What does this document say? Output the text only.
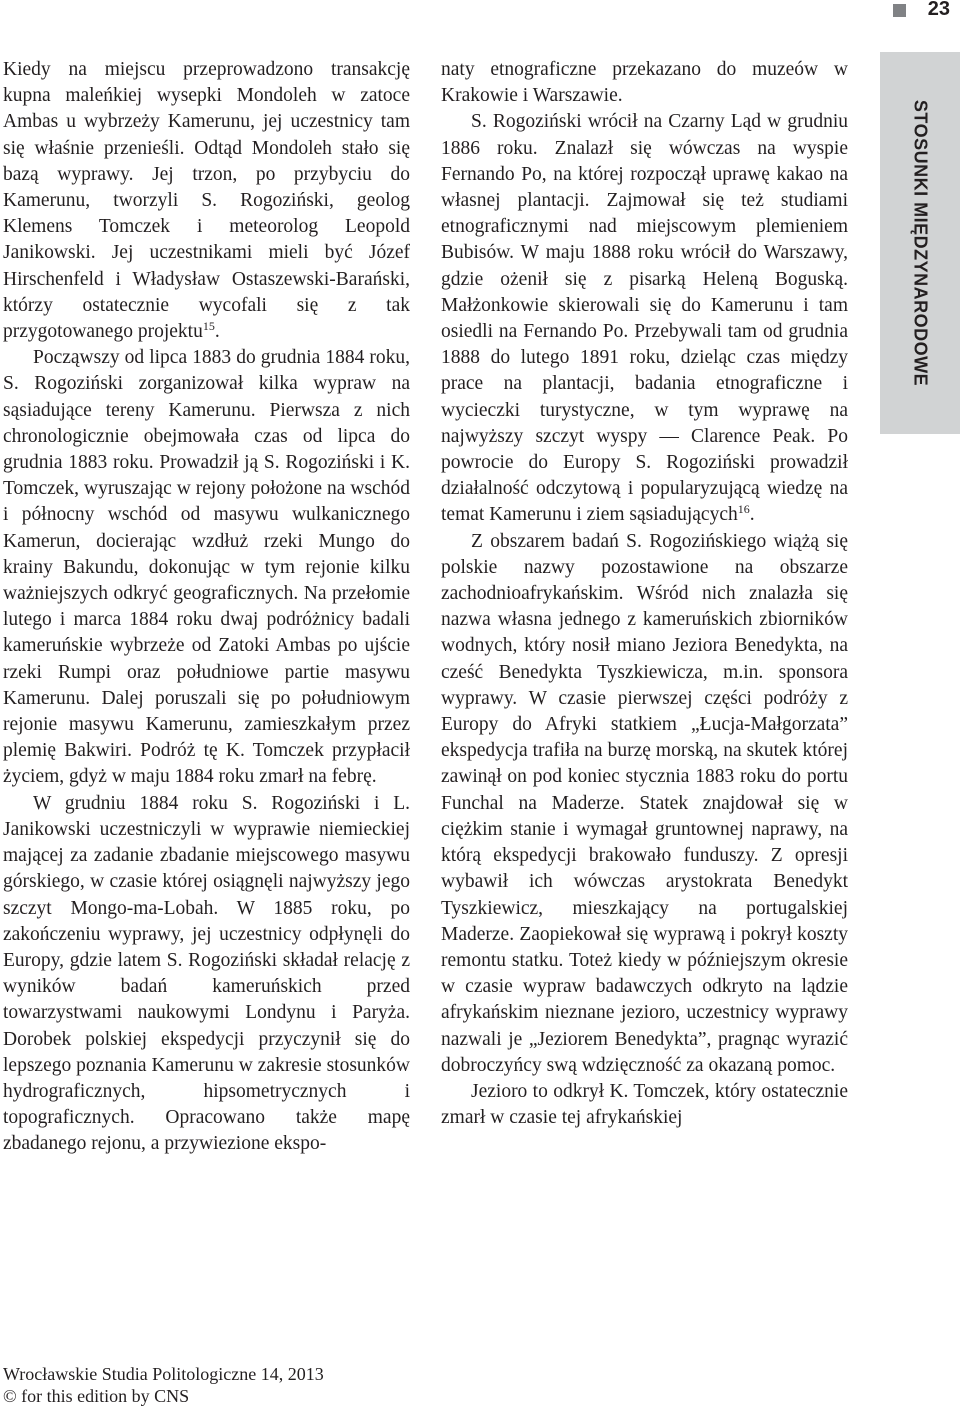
23

Kiedy na miejscu przeprowadzono transakcję kupna maleńkiej wysepki Mondoleh w zatoce Ambas u wybrzeży Kamerunu, jej uczestnicy tam się właśnie przenieśli. Odtąd Mondoleh stało się bazą wyprawy. Jej trzon, po przybyciu do Kamerunu, tworzyli S. Rogoziński, geolog Klemens Tomczek i meteorolog Leopold Janikowski. Jej uczestnikami mieli być Józef Hirschenfeld i Władysław Ostaszewski-Barański, którzy ostatecznie wycofali się z tak przygotowanego projektu$^{15}$.

Począwszy od lipca 1883 do grudnia 1884 roku, S. Rogoziński zorganizował kilka wypraw na sąsiadujące tereny Kamerunu. Pierwsza z nich chronologicznie obejmowała czas od lipca do grudnia 1883 roku. Prowadził ją S. Rogoziński i K. Tomczek, wyruszając w rejony położone na wschód i północny wschód od masywu wulkanicznego Kamerun, docierając wzdłuż rzeki Mungo do krainy Bakundu, dokonując w tym rejonie kilku ważniejszych odkryć geograficznych. Na przełomie lutego i marca 1884 roku dwaj podróżnicy badali kameruńskie wybrzeże od Zatoki Ambas po ujście rzeki Rumpi oraz południowe partie masywu Kamerunu. Dalej poruszali się po południowym rejonie masywu Kamerunu, zamieszkałym przez plemię Bakwiri. Podróż tę K. Tomczek przypłacił życiem, gdyż w maju 1884 roku zmarł na febrę.

W grudniu 1884 roku S. Rogoziński i L. Janikowski uczestniczyli w wyprawie niemieckiej mającej za zadanie zbadanie miejscowego masywu górskiego, w czasie której osiągnęli najwyższy jego szczyt Mongo-ma-Lobah. W 1885 roku, po zakończeniu wyprawy, jej uczestnicy odpłynęli do Europy, gdzie latem S. Rogoziński składał relację z wyników badań kameruńskich przed towarzystwami naukowymi Londynu i Paryża. Dorobek polskiej ekspedycji przyczynił się do lepszego poznania Kamerunu w zakresie stosunków hydrograficznych, hipsometrycznych i topograficznych. Opracowano także mapę zbadanego rejonu, a przywiezione ekspo-

naty etnograficzne przekazano do muzeów w Krakowie i Warszawie.

S. Rogoziński wrócił na Czarny Ląd w grudniu 1886 roku. Znalazł się wówczas na wyspie Fernando Po, na której rozpoczął uprawę kakao na własnej plantacji. Zajmował się też studiami etnograficznymi nad miejscowym plemieniem Bubisów. W maju 1888 roku wrócił do Warszawy, gdzie ożenił się z pisarką Heleną Boguską. Małżonkowie skierowali się do Kamerunu i tam osiedli na Fernando Po. Przebywali tam od grudnia 1888 do lutego 1891 roku, dzieląc czas między prace na plantacji, badania etnograficzne i wycieczki turystyczne, w tym wyprawę na najwyższy szczyt wyspy — Clarence Peak. Po powrocie do Europy S. Rogoziński prowadził działalność odczytową i popularyzującą wiedzę na temat Kamerunu i ziem sąsiadujących$^{16}$.

Z obszarem badań S. Rogozińskiego wiążą się polskie nazwy pozostawione na obszarze zachodnioafrykańskim. Wśród nich znalazła się nazwa własna jednego z kameruńskich zbiorników wodnych, który nosił miano Jeziora Benedykta, na cześć Benedykta Tyszkiewicza, m.in. sponsora wyprawy. W czasie pierwszej części podróży z Europy do Afryki statkiem „Łucja-Małgorzata” ekspedycja trafiła na burzę morską, na skutek której zawinął on pod koniec stycznia 1883 roku do portu Funchal na Maderze. Statek znajdował się w ciężkim stanie i wymagał gruntownej naprawy, na którą ekspedycji brakowało funduszy. Z opresji wybawił ich wówczas arystokrata Benedykt Tyszkiewicz, mieszkający na portugalskiej Maderze. Zaopiekował się wyprawą i pokrył koszty remontu statku. Toteż kiedy w późniejszym okresie w czasie wypraw badawczych odkryto na lądzie afrykańskim nieznane jezioro, uczestnicy wyprawy nazwali je „Jeziorem Benedykta”, pragnąc wyrazić dobroczyńcy swą wdzięczność za okazaną pomoc.

Jezioro to odkrył K. Tomczek, który ostatecznie zmarł w czasie tej afrykańskiej

STOSUNKI MIĘDZYNARODOWE
Wrocławskie Studia Politologiczne 14, 2013
© for this edition by CNS
